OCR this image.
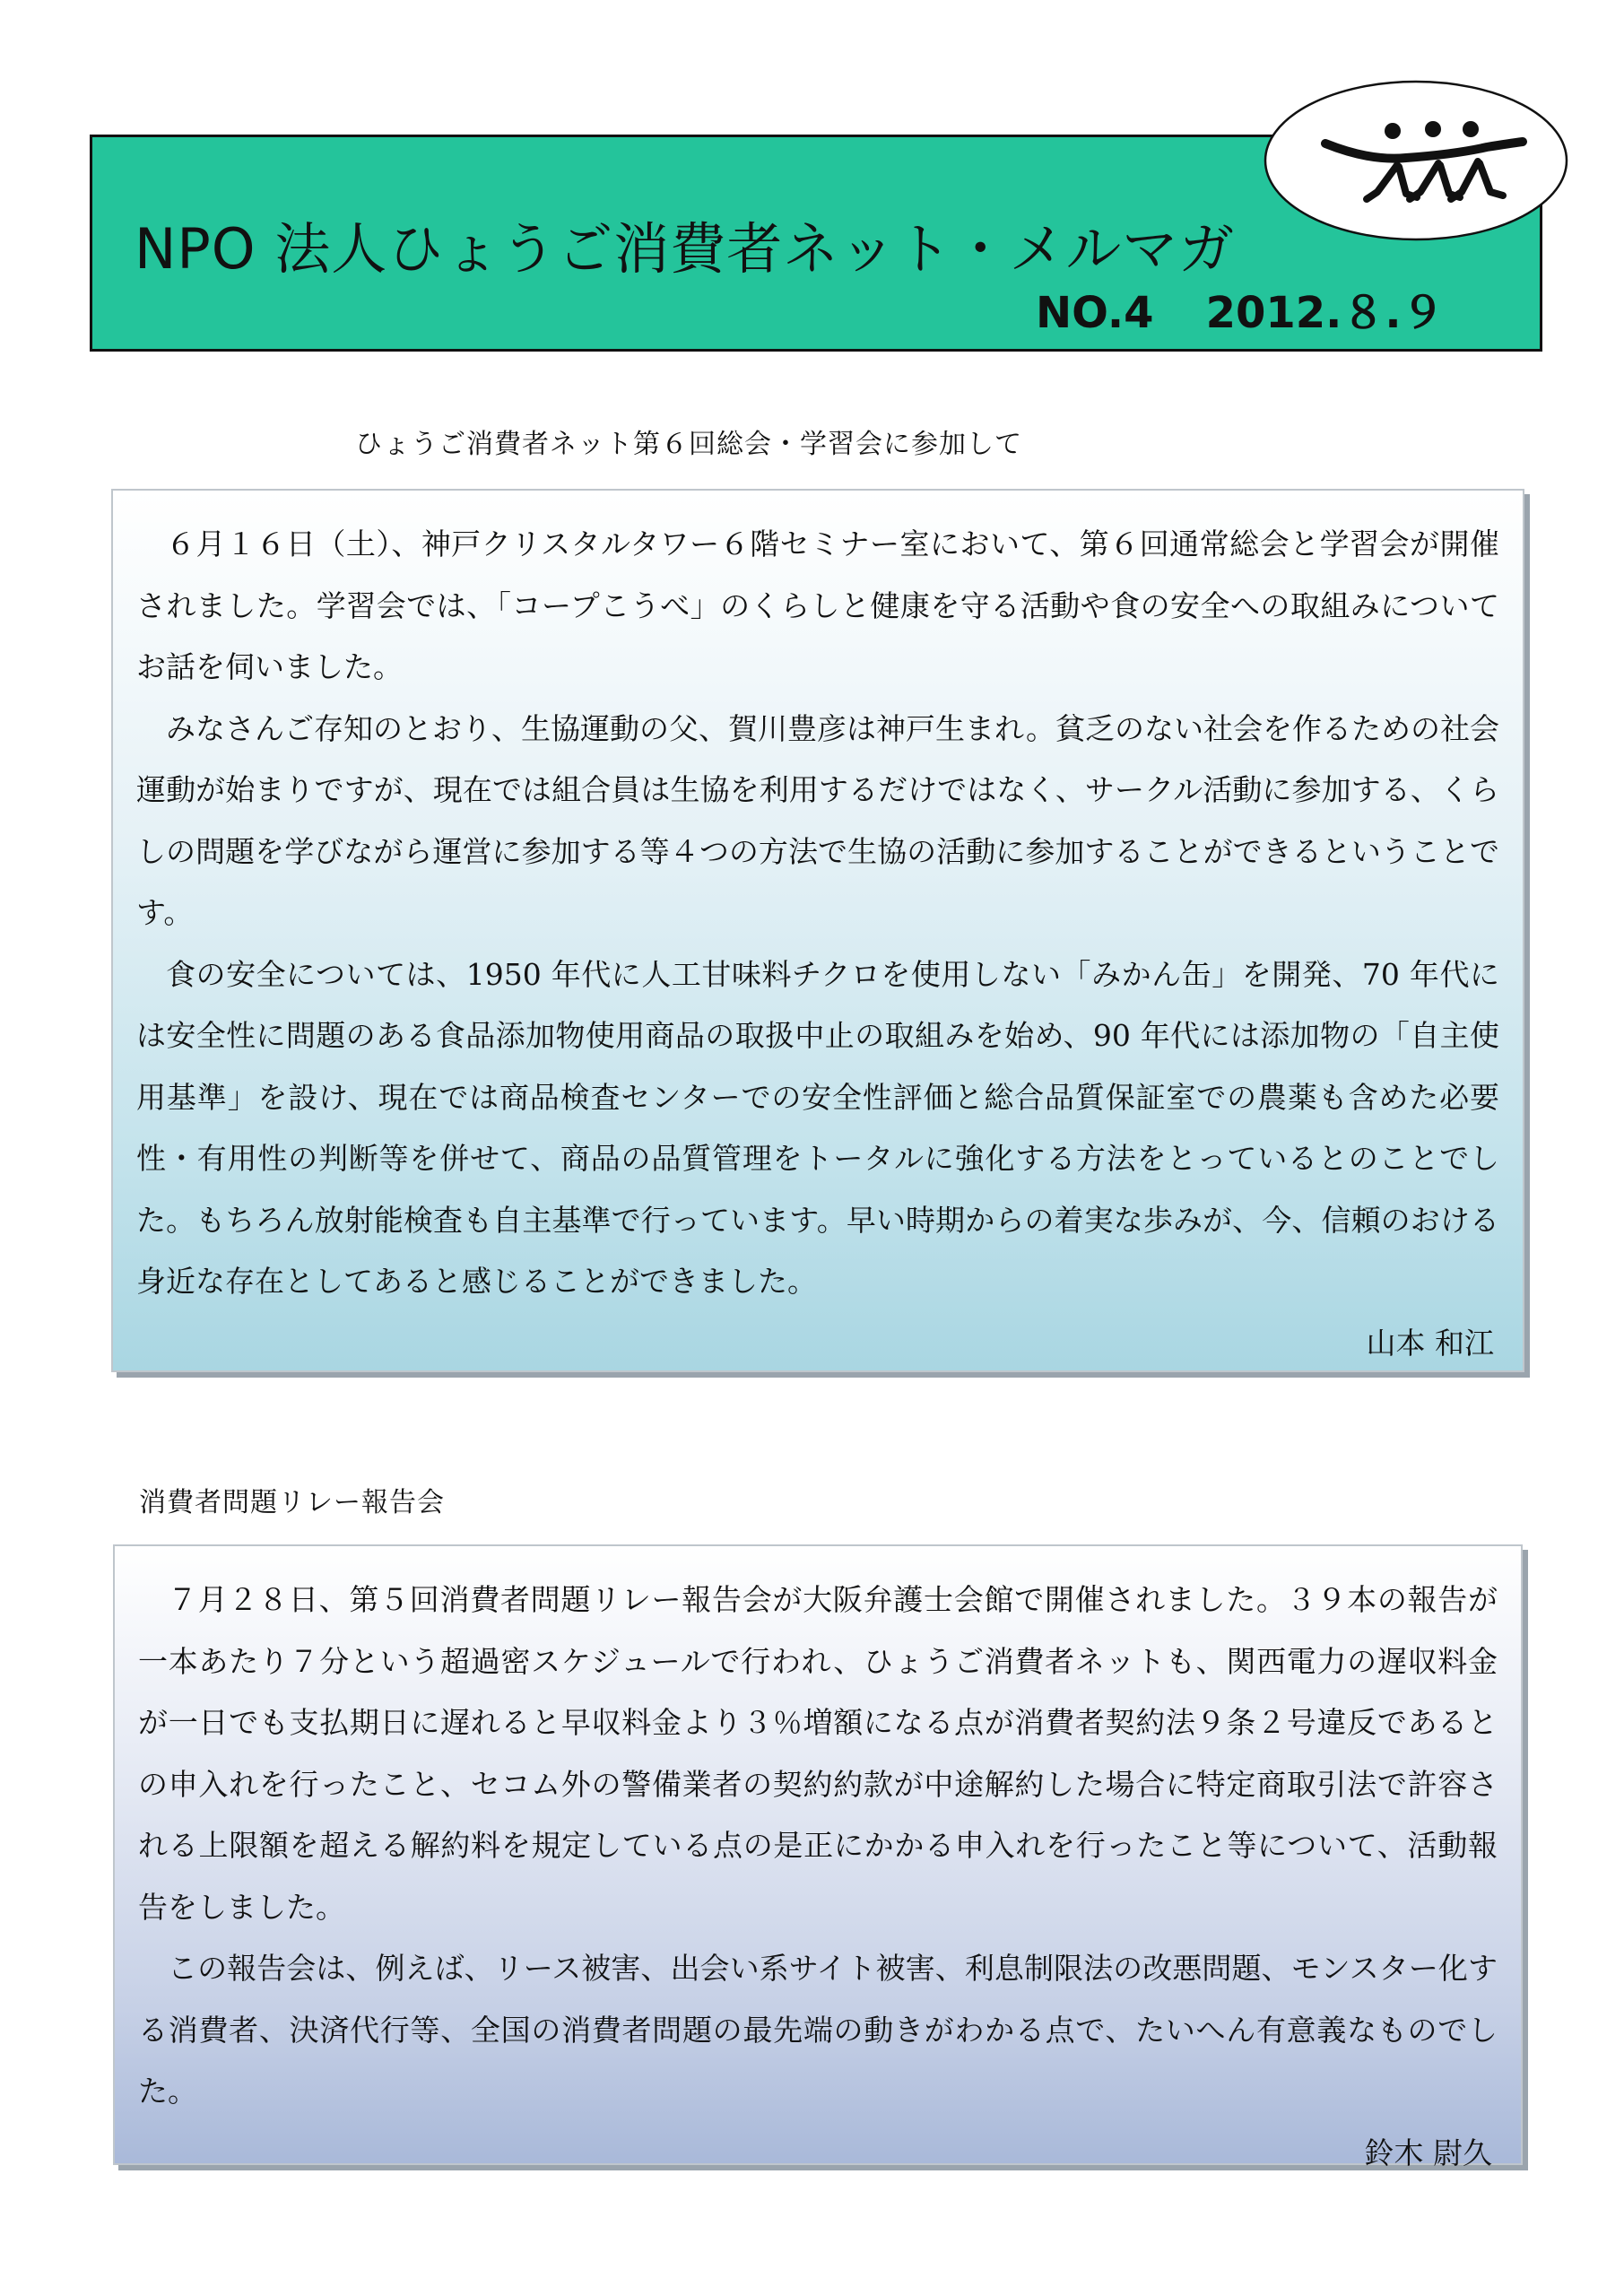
NPO 法人ひょうご消費者ネット・メルマガ
NO.4 2012.８.９
ひょうご消費者ネット第６回総会・学習会に参加して

６月１６日（土）、神戸クリスタルタワー６階セミナー室において、第６回通常総会と学習会が開催されました。学習会では、「コープこうべ」のくらしと健康を守る活動や食の安全への取組みについてお話を伺いました。

みなさんご存知のとおり、生協運動の父、賀川豊彦は神戸生まれ。貧乏のない社会を作るための社会運動が始まりですが、現在では組合員は生協を利用するだけではなく、サークル活動に参加する、くらしの問題を学びながら運営に参加する等４つの方法で生協の活動に参加することができるということです。

食の安全については、1950 年代に人工甘味料チクロを使用しない「みかん缶」を開発、70 年代には安全性に問題のある食品添加物使用商品の取扱中止の取組みを始め、90 年代には添加物の「自主使用基準」を設け、現在では商品検査センターでの安全性評価と総合品質保証室での農薬も含めた必要性・有用性の判断等を併せて、商品の品質管理をトータルに強化する方法をとっているとのことでした。もちろん放射能検査も自主基準で行っています。早い時期からの着実な歩みが、今、信頼のおける身近な存在としてあると感じることができました。

山本 和江

消費者問題リレー報告会

７月２８日、第５回消費者問題リレー報告会が大阪弁護士会館で開催されました。３９本の報告が一本あたり７分という超過密スケジュールで行われ、ひょうご消費者ネットも、関西電力の遅収料金が一日でも支払期日に遅れると早収料金より３％増額になる点が消費者契約法９条２号違反であるとの申入れを行ったこと、セコム外の警備業者の契約約款が中途解約した場合に特定商取引法で許容される上限額を超える解約料を規定している点の是正にかかる申入れを行ったこと等について、活動報告をしました。

この報告会は、例えば、リース被害、出会い系サイト被害、利息制限法の改悪問題、モンスター化する消費者、決済代行等、全国の消費者問題の最先端の動きがわかる点で、たいへん有意義なものでした。

鈴木 尉久
